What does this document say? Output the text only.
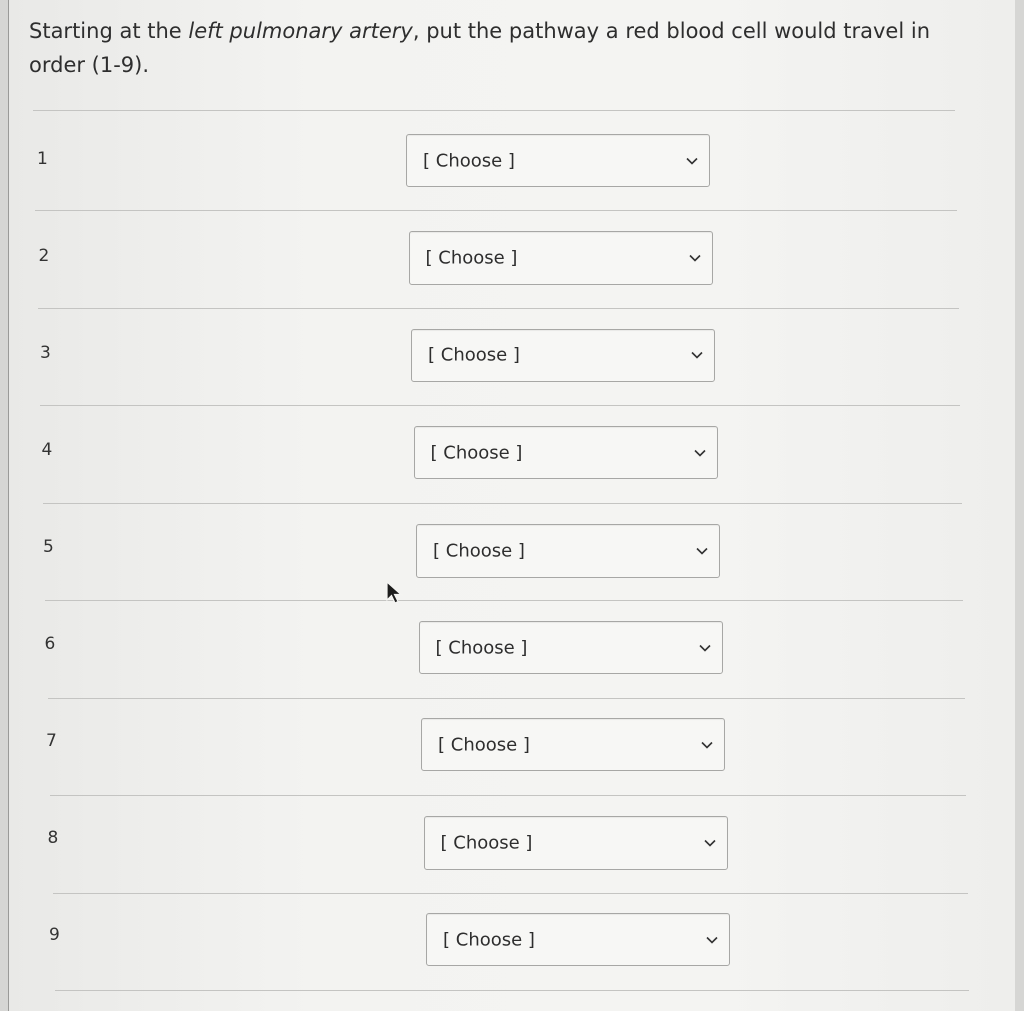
Starting at the left pulmonary artery, put the pathway a red blood cell would travel in order (1-9).
1	[ Choose ]
2	[ Choose ]
3	[ Choose ]
4	[ Choose ]
5	[ Choose ]
6	[ Choose ]
7	[ Choose ]
8	[ Choose ]
9	[ Choose ]
